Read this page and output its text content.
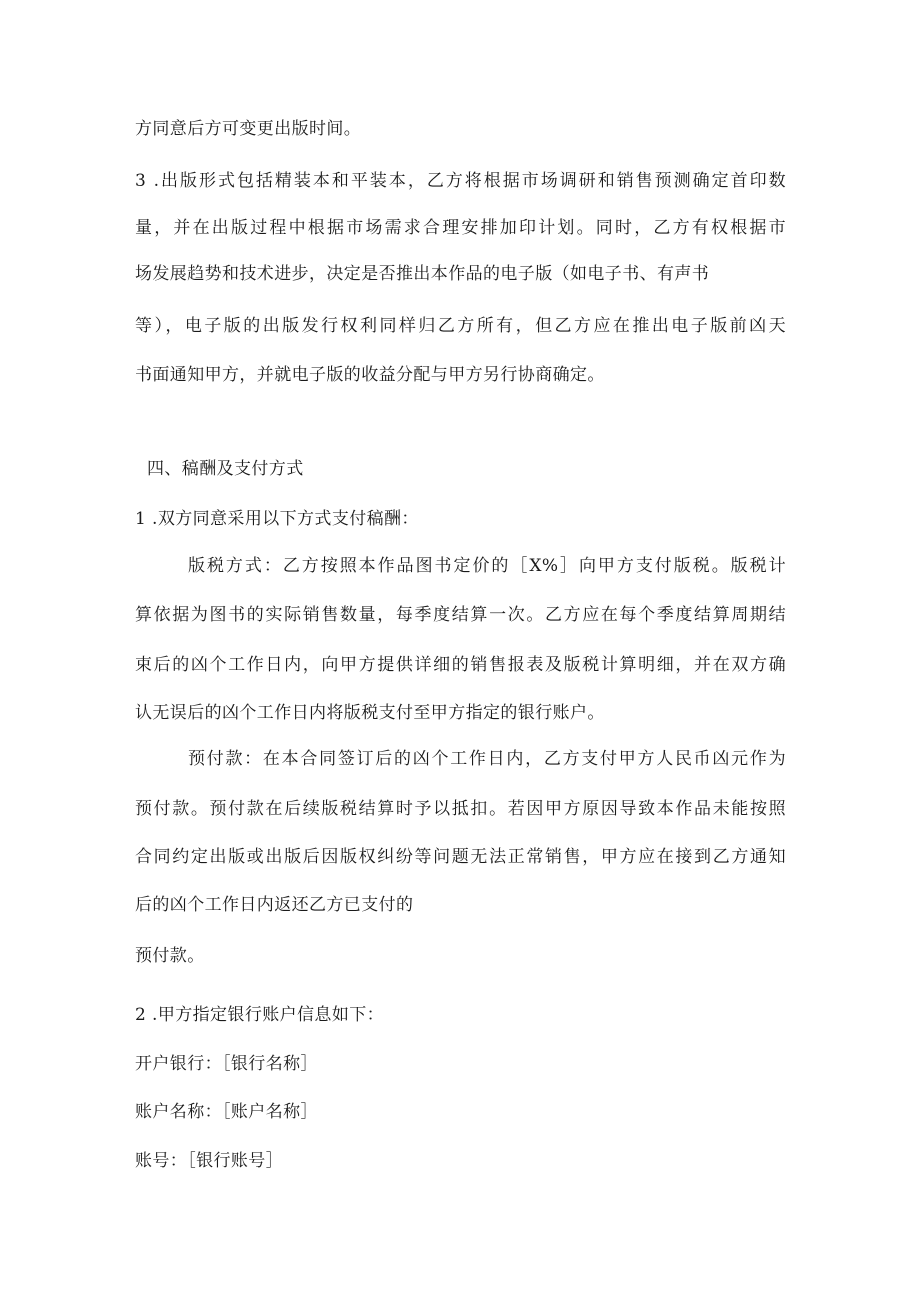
方同意后方可变更出版时间。
3 .出版形式包括精装本和平装本，乙方将根据市场调研和销售预测确定首印数
量，并在出版过程中根据市场需求合理安排加印计划。同时，乙方有权根据市
场发展趋势和技术进步，决定是否推出本作品的电子版（如电子书、有声书
等），电子版的出版发行权利同样归乙方所有，但乙方应在推出电子版前凶天
书面通知甲方，并就电子版的收益分配与甲方另行协商确定。
四、稿酬及支付方式
1 .双方同意采用以下方式支付稿酬：
版税方式：乙方按照本作品图书定价的［X%］向甲方支付版税。版税计
算依据为图书的实际销售数量，每季度结算一次。乙方应在每个季度结算周期结
束后的凶个工作日内，向甲方提供详细的销售报表及版税计算明细，并在双方确
认无误后的凶个工作日内将版税支付至甲方指定的银行账户。
预付款：在本合同签订后的凶个工作日内，乙方支付甲方人民币凶元作为
预付款。预付款在后续版税结算时予以抵扣。若因甲方原因导致本作品未能按照
合同约定出版或出版后因版权纠纷等问题无法正常销售，甲方应在接到乙方通知
后的凶个工作日内返还乙方已支付的
预付款。
2 .甲方指定银行账户信息如下：
开户银行：［银行名称］
账户名称：［账户名称］
账号：［银行账号］
